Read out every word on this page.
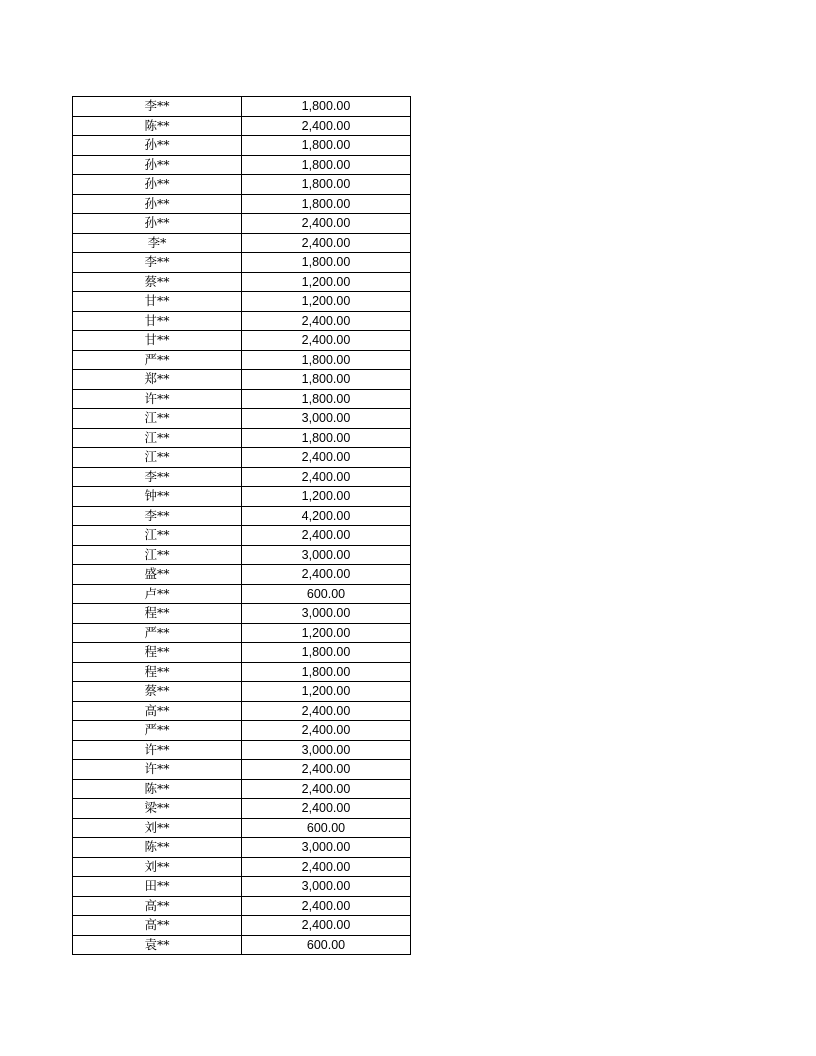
李**	1,800.00
陈**	2,400.00
孙**	1,800.00
孙**	1,800.00
孙**	1,800.00
孙**	1,800.00
孙**	2,400.00
李*	2,400.00
李**	1,800.00
蔡**	1,200.00
甘**	1,200.00
甘**	2,400.00
甘**	2,400.00
严**	1,800.00
郑**	1,800.00
许**	1,800.00
江**	3,000.00
江**	1,800.00
江**	2,400.00
李**	2,400.00
钟**	1,200.00
李**	4,200.00
江**	2,400.00
江**	3,000.00
盛**	2,400.00
卢**	600.00
程**	3,000.00
严**	1,200.00
程**	1,800.00
程**	1,800.00
蔡**	1,200.00
高**	2,400.00
严**	2,400.00
许**	3,000.00
许**	2,400.00
陈**	2,400.00
梁**	2,400.00
刘**	600.00
陈**	3,000.00
刘**	2,400.00
田**	3,000.00
高**	2,400.00
高**	2,400.00
袁**	600.00
